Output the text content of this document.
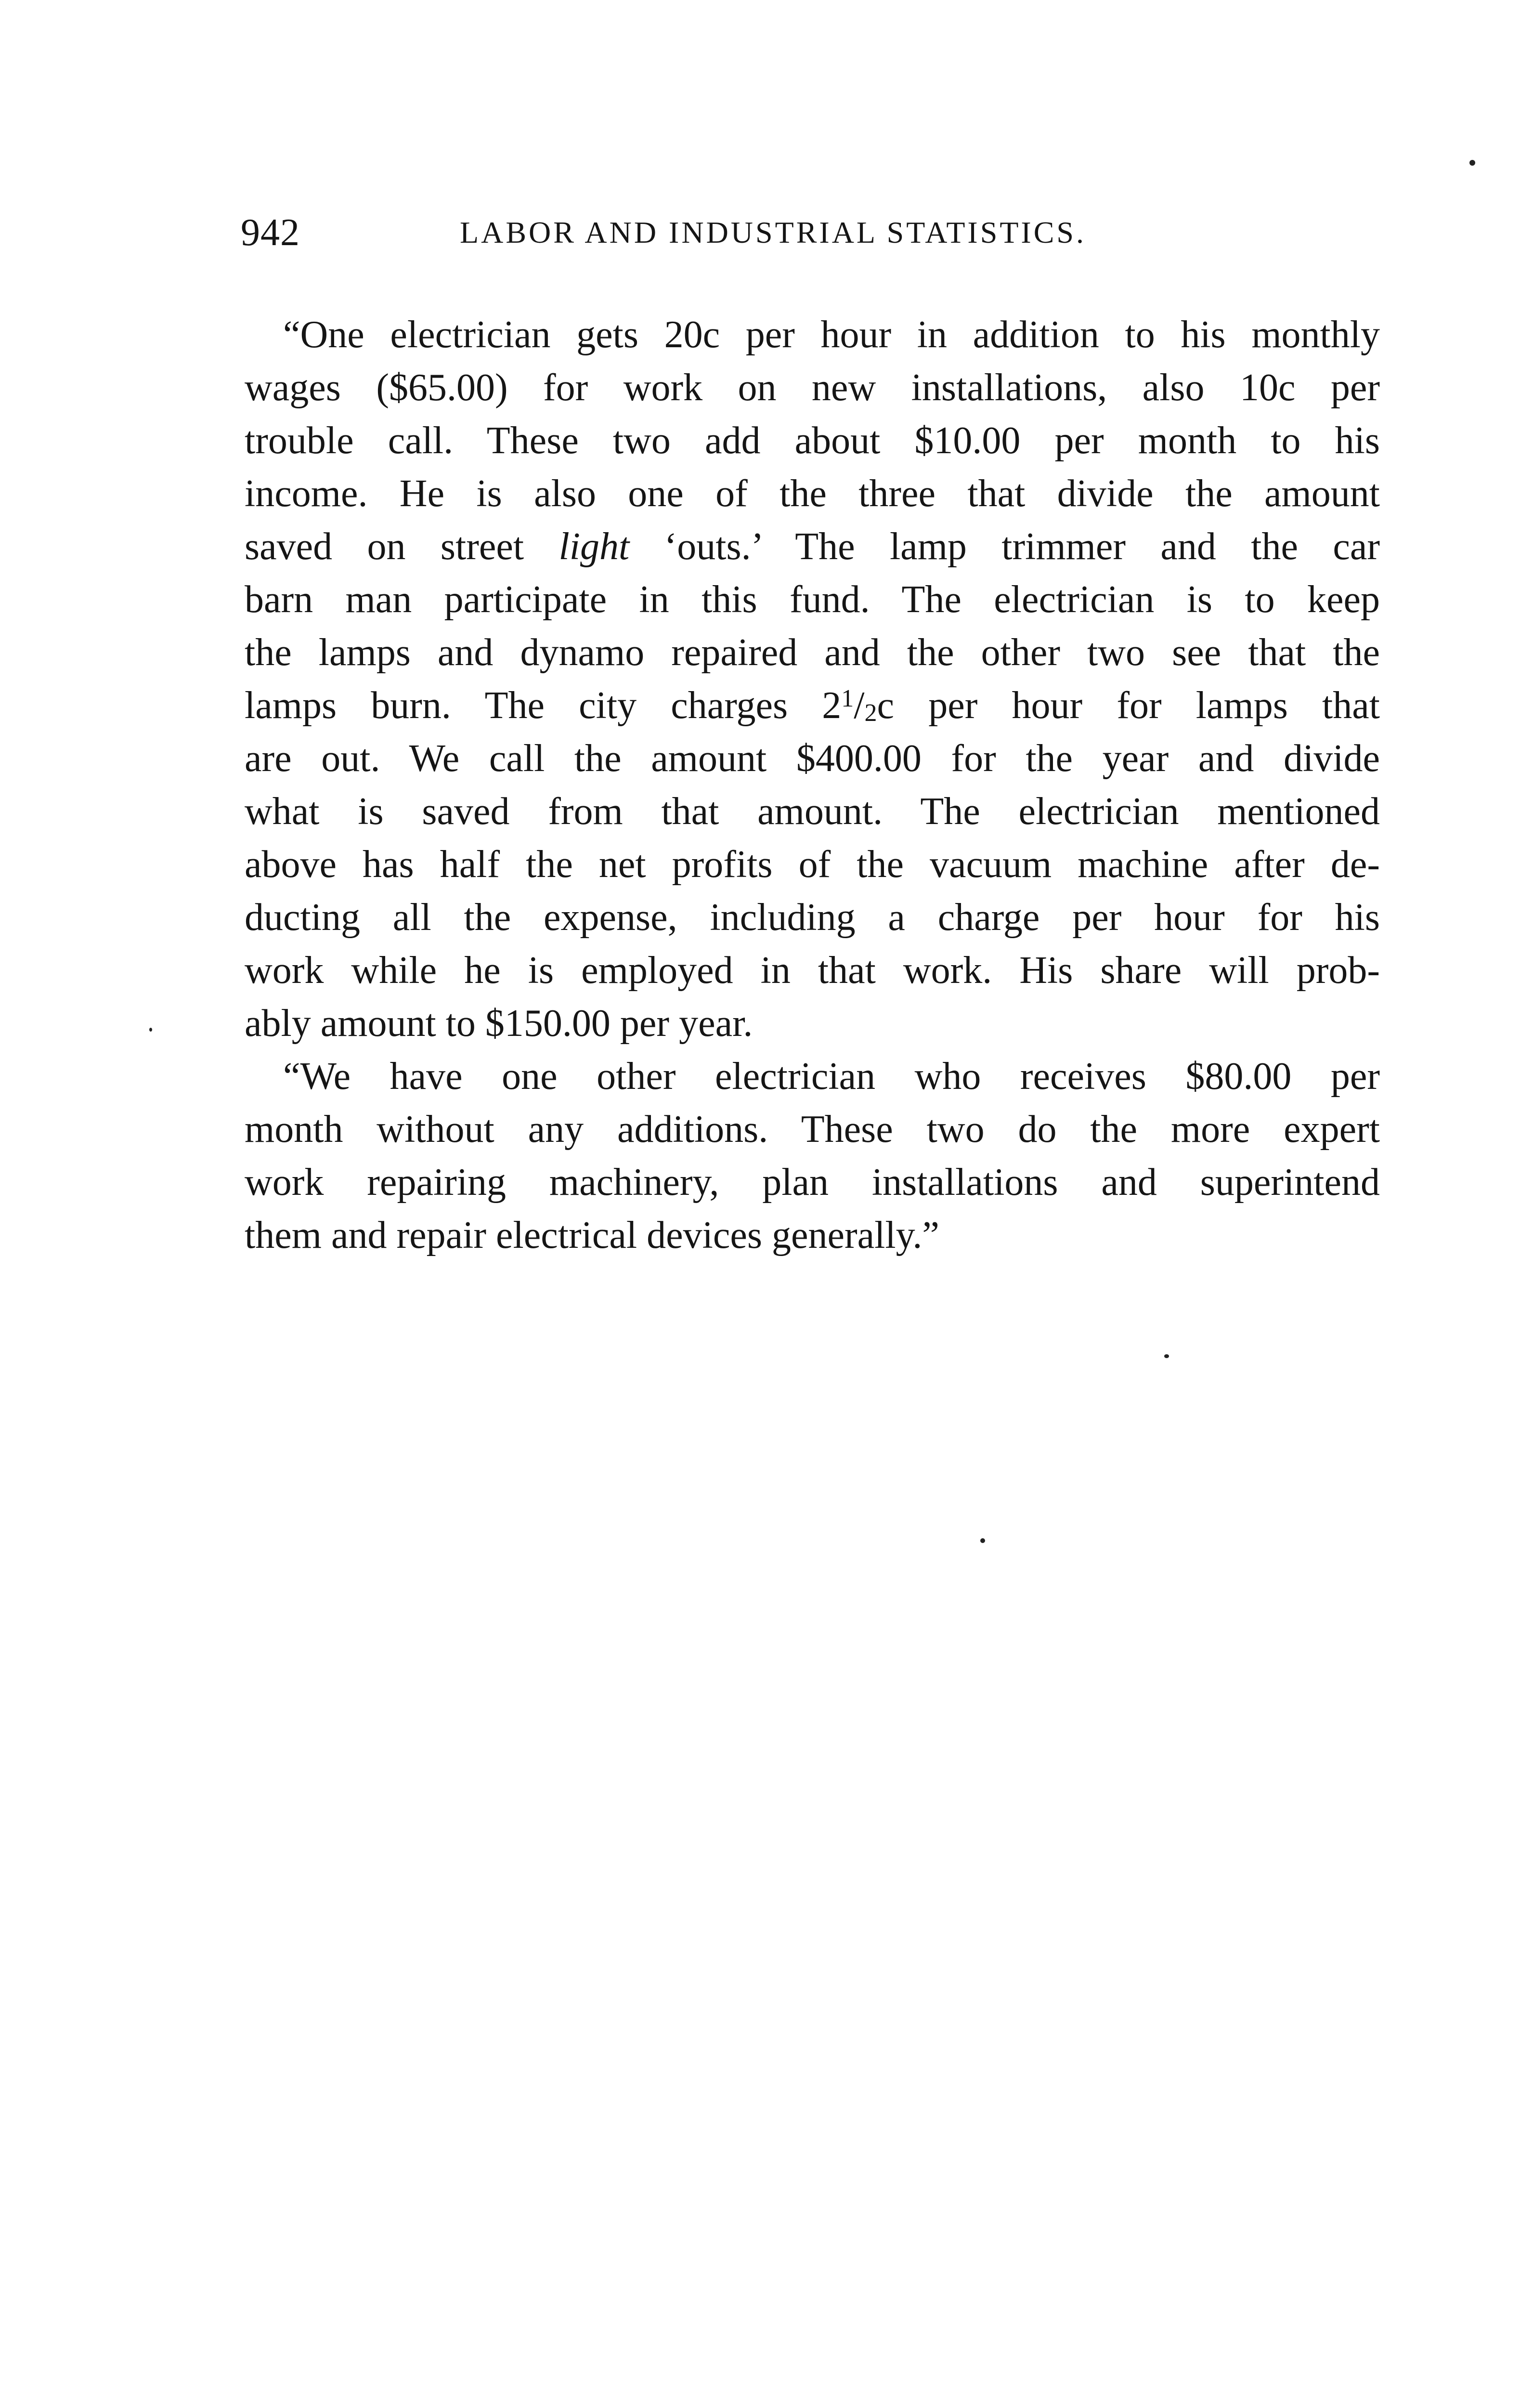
942	LABOR AND INDUSTRIAL STATISTICS.
“One electrician gets 20c per hour in addition to his monthly
wages ($65.00) for work on new installations, also 10c per
trouble call. These two add about $10.00 per month to his
income. He is also one of the three that divide the amount
saved on street light ‘outs.’ The lamp trimmer and the car
barn man participate in this fund. The electrician is to keep
the lamps and dynamo repaired and the other two see that the
lamps burn. The city charges $2^1/2c$ per hour for lamps that
are out. We call the amount $400.00 for the year and divide
what is saved from that amount. The electrician mentioned
above has half the net profits of the vacuum machine after de-
ducting all the expense, including a charge per hour for his
work while he is employed in that work. His share will prob-
ably amount to $150.00 per year.
“We have one other electrician who receives $80.00 per
month without any additions. These two do the more expert
work repairing machinery, plan installations and superintend
them and repair electrical devices generally.”
